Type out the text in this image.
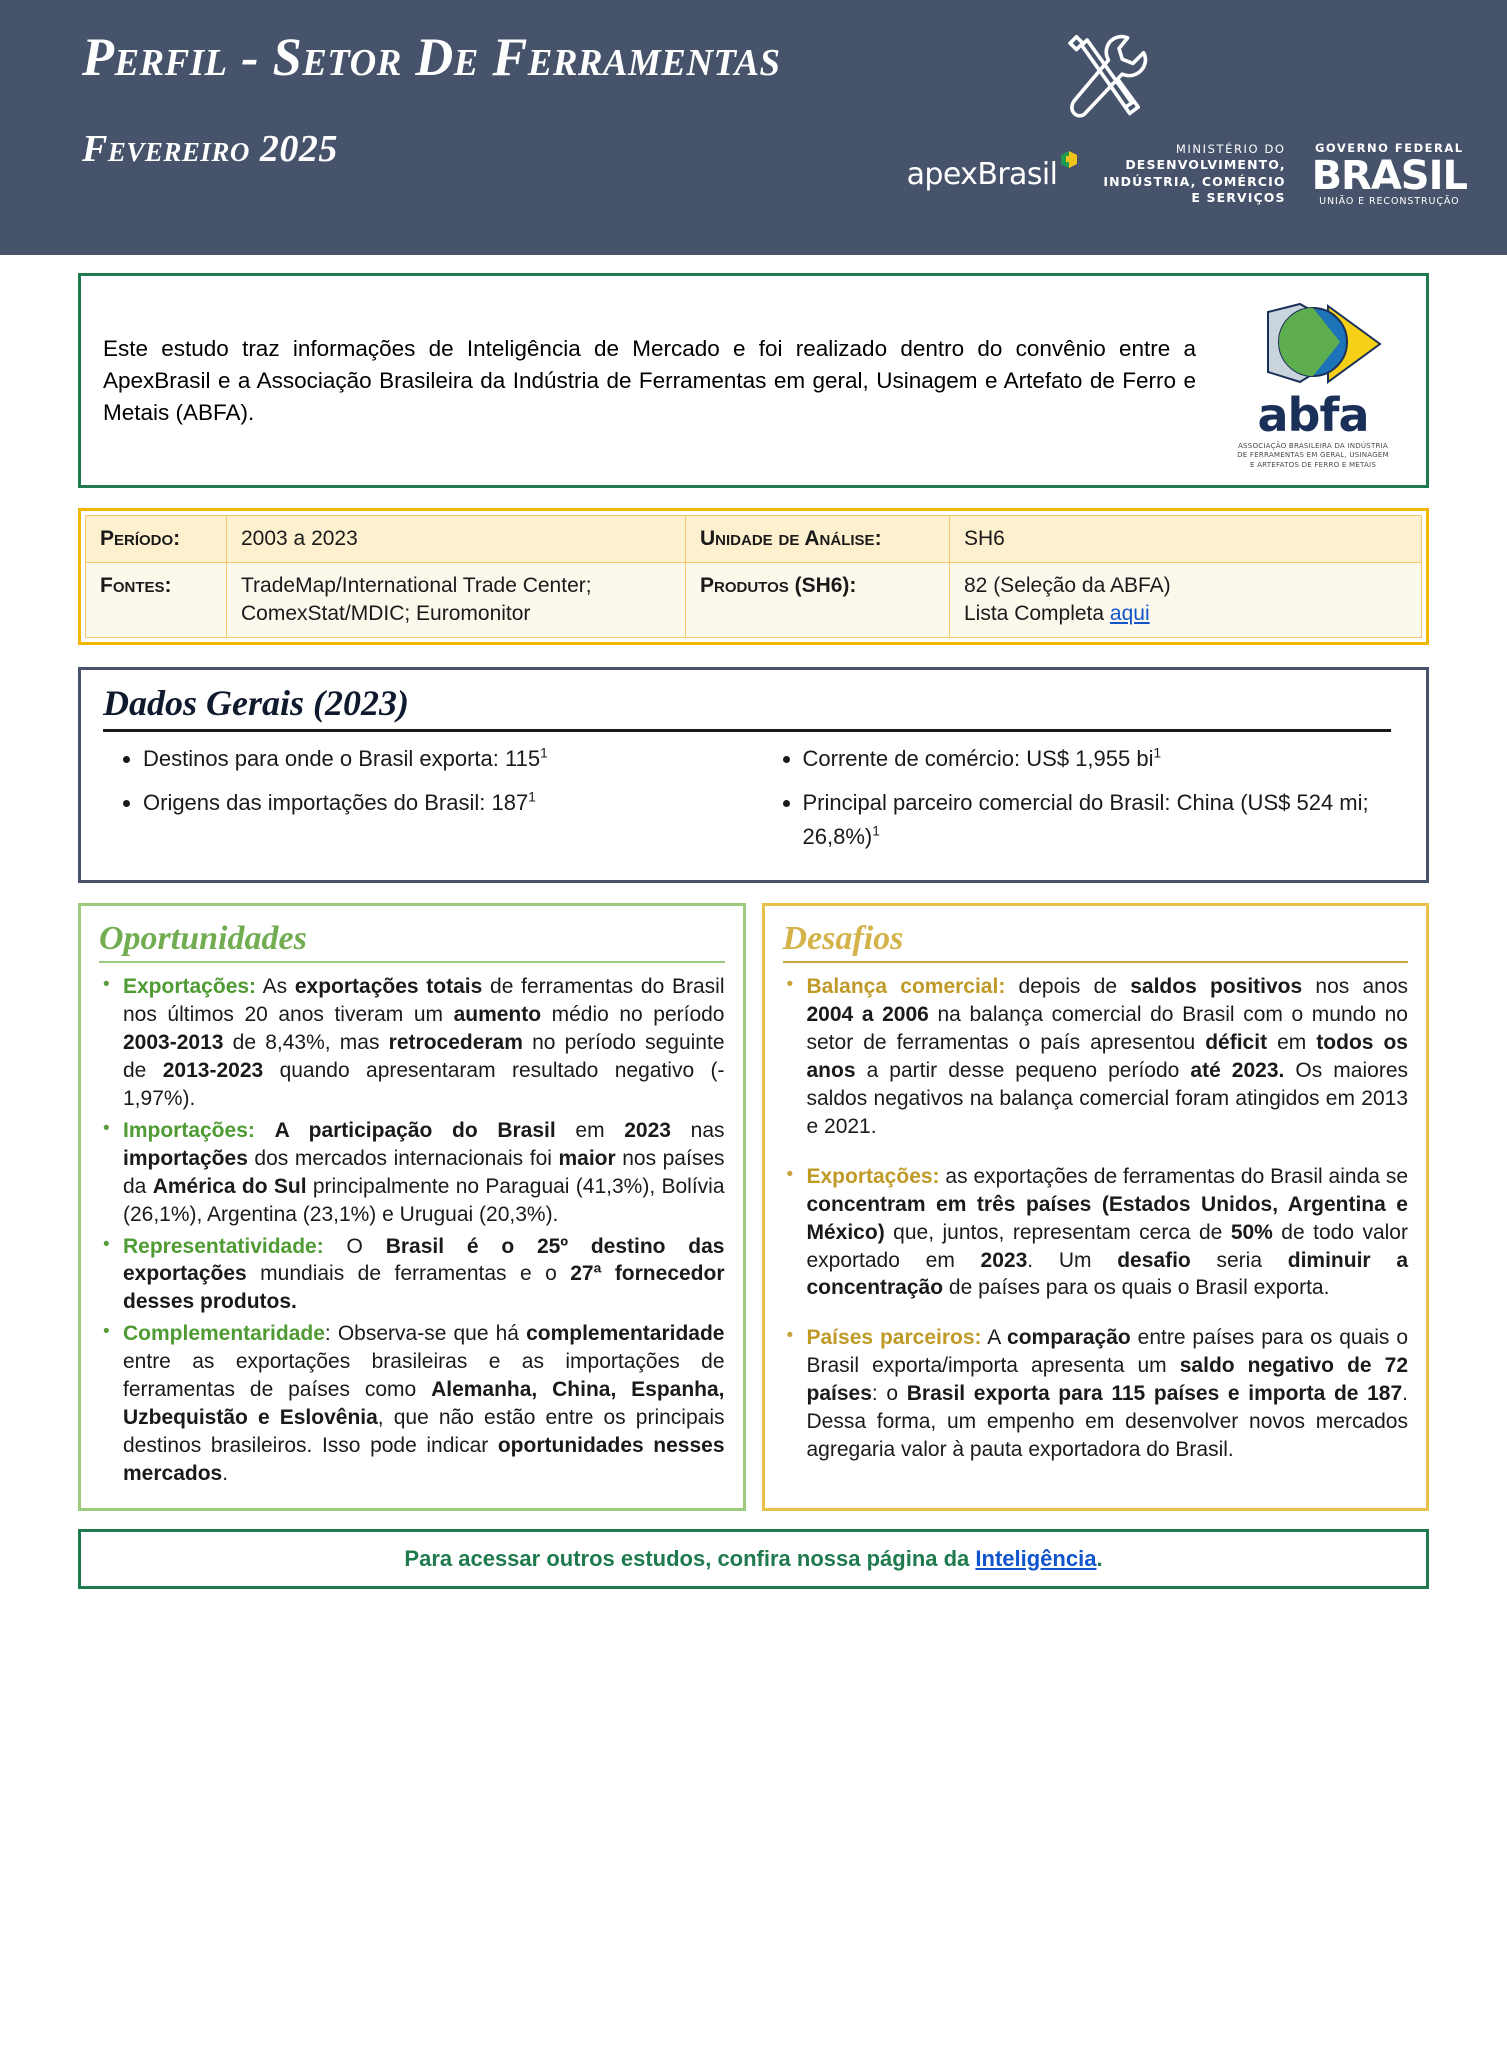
Perfil - Setor De Ferramentas
Fevereiro 2025
apexBrasil
MINISTÉRIO DO
DESENVOLVIMENTO,
INDÚSTRIA, COMÉRCIO
E SERVIÇOS
GOVERNO FEDERAL
BRASIL
UNIÃO E RECONSTRUÇÃO
Este estudo traz informações de Inteligência de Mercado e foi realizado dentro do convênio entre a ApexBrasil e a Associação Brasileira da Indústria de Ferramentas em geral, Usinagem e Artefato de Ferro e Metais (ABFA).	abfa
ASSOCIAÇÃO BRASILEIRA DA INDÚSTRIA
DE FERRAMENTAS EM GERAL, USINAGEM
E ARTEFATOS DE FERRO E METAIS
Período:	2003 a 2023	Unidade de Análise:	SH6
Fontes:	TradeMap/International Trade Center;
ComexStat/MDIC; Euromonitor
	Produtos (SH6):	82 (Seleção da ABFA)
Lista Completa aqui
Dados Gerais (2023)
• Destinos para onde o Brasil exporta: $115^1$
• Origens das importações do Brasil: $187^1$
• Corrente de comércio: US$ 1,955 $bi^1$
• Principal parceiro comercial do Brasil: China (US$ 524 mi; 26,8%)$^1$
Oportunidades
• Exportações: As exportações totais de ferramentas do Brasil nos últimos 20 anos tiveram um aumento médio no período 2003-2013 de 8,43%, mas retrocederam no período seguinte de 2013-2023 quando apresentaram resultado negativo (- 1,97%).
• Importações: A participação do Brasil em 2023 nas importações dos mercados internacionais foi maior nos países da América do Sul principalmente no Paraguai (41,3%), Bolívia (26,1%), Argentina (23,1%) e Uruguai (20,3%).
• Representatividade: O Brasil é o 25º destino das exportações mundiais de ferramentas e o 27ª fornecedor desses produtos.
• Complementaridade: Observa-se que há complementaridade entre as exportações brasileiras e as importações de ferramentas de países como Alemanha, China, Espanha, Uzbequistão e Eslovênia, que não estão entre os principais destinos brasileiros. Isso pode indicar oportunidades nesses mercados.
Desafios
• Balança comercial: depois de saldos positivos nos anos 2004 a 2006 na balança comercial do Brasil com o mundo no setor de ferramentas o país apresentou déficit em todos os anos a partir desse pequeno período até 2023. Os maiores saldos negativos na balança comercial foram atingidos em 2013 e 2021.
• Exportações: as exportações de ferramentas do Brasil ainda se concentram em três países (Estados Unidos, Argentina e México) que, juntos, representam cerca de 50% de todo valor exportado em 2023. Um desafio seria diminuir a concentração de países para os quais o Brasil exporta.
• Países parceiros: A comparação entre países para os quais o Brasil exporta/importa apresenta um saldo negativo de 72 países: o Brasil exporta para 115 países e importa de 187. Dessa forma, um empenho em desenvolver novos mercados agregaria valor à pauta exportadora do Brasil.
Para acessar outros estudos, confira nossa página da Inteligência.
